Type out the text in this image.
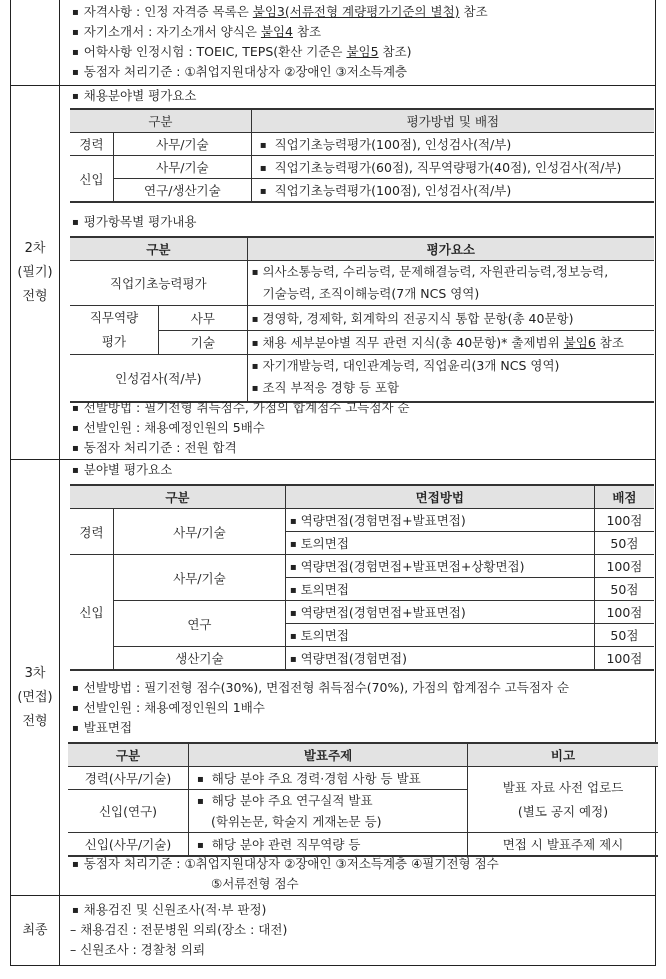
▪ 자격사항 : 인정 자격증 목록은 붙임3(서류전형 계량평가기준의 별첨) 참조
▪ 자기소개서 : 자기소개서 양식은 붙임4 참조
▪ 어학사항 인정시험 : TOEIC, TEPS(환산 기준은 붙임5 참조)
▪ 동점자 처리기준 : ①취업지원대상자 ②장애인 ③저소득계층
2차
(필기)
전형
▪ 채용분야별 평가요소
구분		평가방법 및 배점
경력	사무/기술	▪ 직업기초능력평가(100점), 인성검사(적/부)
신입	사무/기술	▪ 직업기초능력평가(60점), 직무역량평가(40점), 인성검사(적/부)
	연구/생산기술	▪ 직업기초능력평가(100점), 인성검사(적/부)
▪ 평가항목별 평가내용
구분		평가요소
직업기초능력평가		▪ 의사소통능력, 수리능력, 문제해결능력, 자원관리능력,정보능력,
기술능력, 조직이해능력(7개 NCS 영역)

직무역량
평가	사무	▪ 경영학, 경제학, 회계학의 전공지식 통합 문항(총 40문항)
	기술	▪ 채용 세부분야별 직무 관련 지식(총 40문항)* 출제범위 붙임6 참조
인성검사(적/부)		▪ 자기개발능력, 대인관계능력, 직업윤리(3개 NCS 영역)
▪ 조직 부적응 경향 등 포함
▪ 선발방법 : 필기전형 취득점수, 가점의 합계점수 고득점자 순
▪ 선발인원 : 채용예정인원의 5배수
▪ 동점자 처리기준 : 전원 합격
3차
(면접)
전형
▪ 분야별 평가요소
구분		면접방법	배점
경력	사무/기술	▪ 역량면접(경험면접+발표면접)	100점
		▪ 토의면접	50점
신입	사무/기술	▪ 역량면접(경험면접+발표면접+상황면접)	100점
		▪ 토의면접	50점
	연구	▪ 역량면접(경험면접+발표면접)	100점
		▪ 토의면접	50점
	생산기술	▪ 역량면접(경험면접)	100점
▪ 선발방법 : 필기전형 점수(30%), 면접전형 취득점수(70%), 가점의 합계점수 고득점자 순
▪ 선발인원 : 채용예정인원의 1배수
▪ 발표면접
구분	발표주제	비고
경력(사무/기술)	▪ 해당 분야 주요 경력·경험 사항 등 발표	발표 자료 사전 업로드
(별도 공지 예정)

신입(연구)	▪ 해당 분야 주요 연구실적 발표
(학위논문, 학술지 게재논문 등)

신입(사무/기술)	▪ 해당 분야 관련 직무역량 등	면접 시 발표주제 제시
▪ 동점자 처리기준 : ①취업지원대상자 ②장애인 ③저소득계층 ④필기전형 점수
⑤서류전형 점수
최종
▪ 채용검진 및 신원조사(적·부 판정)
– 채용검진 : 전문병원 의뢰(장소 : 대전)
– 신원조사 : 경찰청 의뢰
